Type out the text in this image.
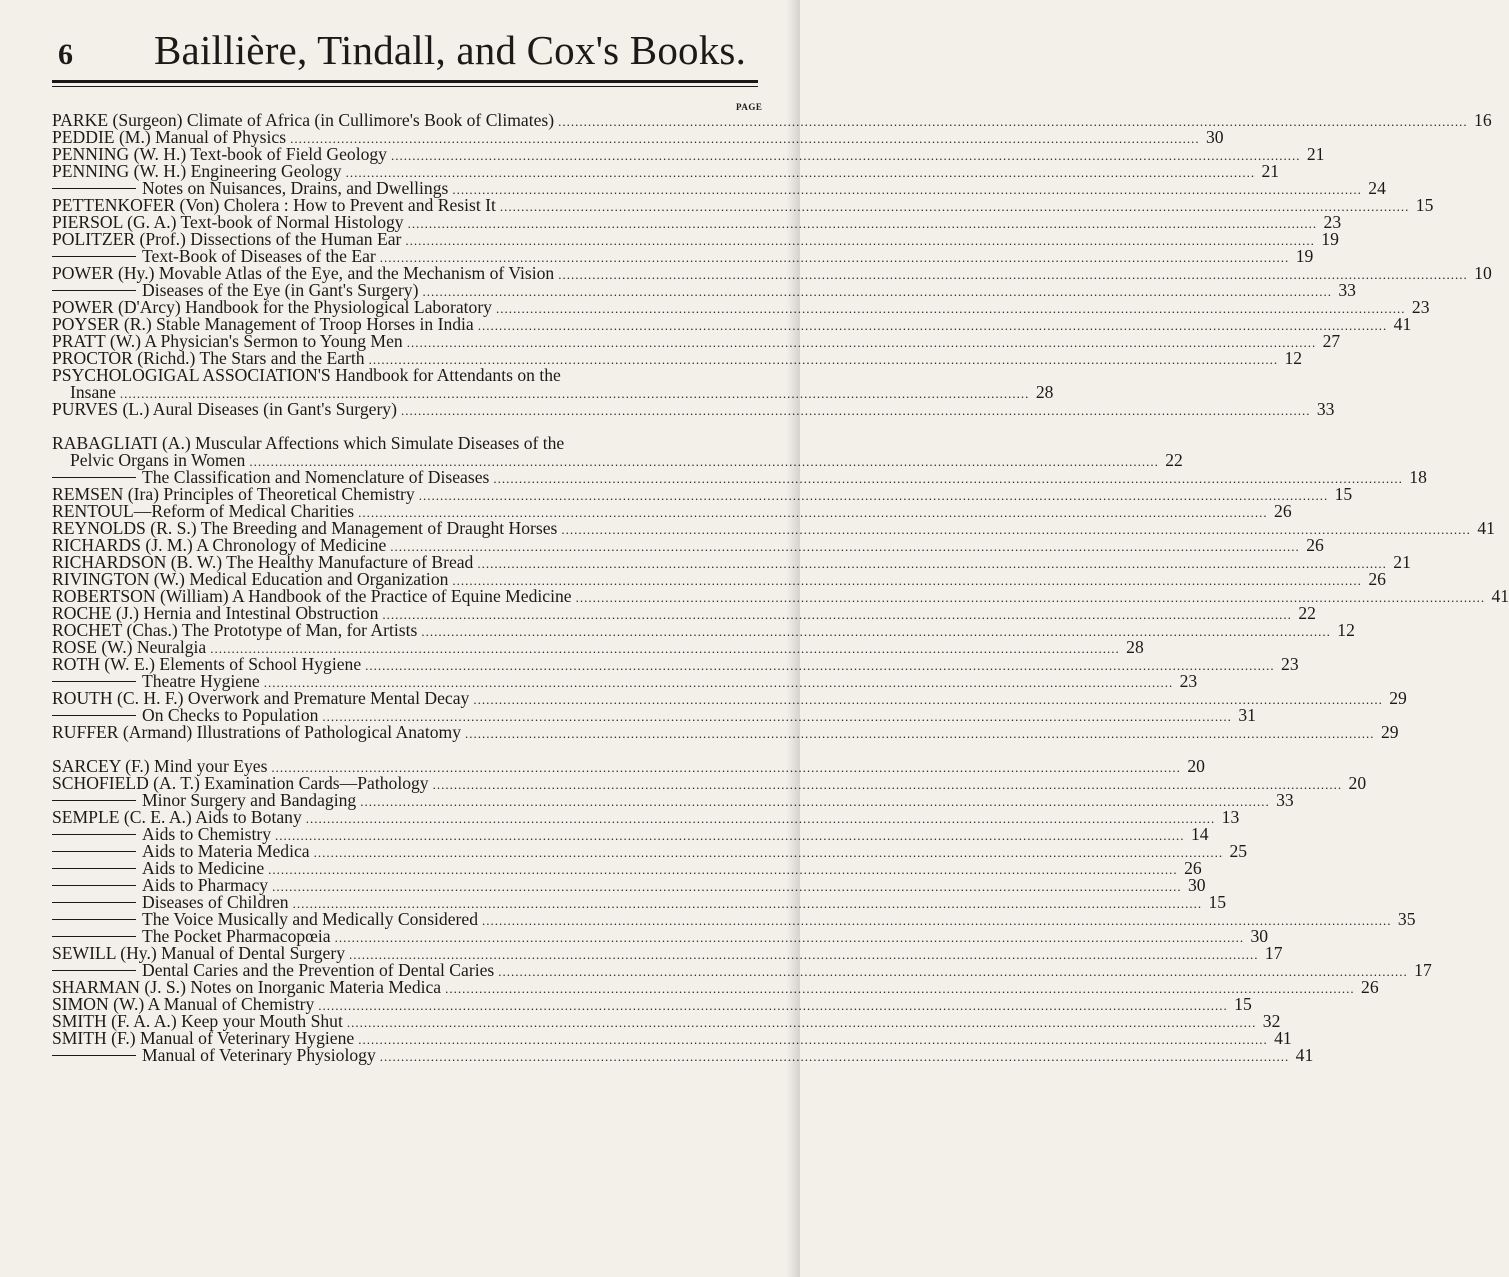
6	Baillière, Tindall, and Cox's Books.
PAGE
PARKE (Surgeon) Climate of Africa (in Cullimore's Book of Climates) .....	16
PEDDIE (M.) Manual of Physics .....	30
PENNING (W. H.) Text-book of Field Geology .....	21
PENNING (W. H.) Engineering Geology .....	21
Notes on Nuisances, Drains, and Dwellings .....	24
PETTENKOFER (Von) Cholera : How to Prevent and Resist It .....	15
PIERSOL (G. A.) Text-book of Normal Histology .....	23
POLITZER (Prof.) Dissections of the Human Ear .....	19
Text-Book of Diseases of the Ear .....	19
POWER (Hy.) Movable Atlas of the Eye, and the Mechanism of Vision .....	10
Diseases of the Eye (in Gant's Surgery) .....	33
POWER (D'Arcy) Handbook for the Physiological Laboratory .....	23
POYSER (R.) Stable Management of Troop Horses in India .....	41
PRATT (W.) A Physician's Sermon to Young Men .....	27
PROCTOR (Richd.) The Stars and the Earth .....	12
PSYCHOLOGIGAL ASSOCIATION'S Handbook for Attendants on the
Insane .....	28
PURVES (L.) Aural Diseases (in Gant's Surgery) .....	33
RABAGLIATI (A.) Muscular Affections which Simulate Diseases of the
Pelvic Organs in Women .....	22
The Classification and Nomenclature of Diseases .....	18
REMSEN (Ira) Principles of Theoretical Chemistry .....	15
RENTOUL—Reform of Medical Charities .....	26
REYNOLDS (R. S.) The Breeding and Management of Draught Horses .....	41
RICHARDS (J. M.) A Chronology of Medicine .....	26
RICHARDSON (B. W.) The Healthy Manufacture of Bread .....	21
RIVINGTON (W.) Medical Education and Organization .....	26
ROBERTSON (William) A Handbook of the Practice of Equine Medicine .....	41
ROCHE (J.) Hernia and Intestinal Obstruction .....	22
ROCHET (Chas.) The Prototype of Man, for Artists .....	12
ROSE (W.) Neuralgia .....	28
ROTH (W. E.) Elements of School Hygiene .....	23
Theatre Hygiene .....	23
ROUTH (C. H. F.) Overwork and Premature Mental Decay .....	29
On Checks to Population .....	31
RUFFER (Armand) Illustrations of Pathological Anatomy .....	29
SARCEY (F.) Mind your Eyes .....	20
SCHOFIELD (A. T.) Examination Cards—Pathology .....	20
Minor Surgery and Bandaging .....	33
SEMPLE (C. E. A.) Aids to Botany .....	13
Aids to Chemistry .....	14
Aids to Materia Medica .....	25
Aids to Medicine .....	26
Aids to Pharmacy .....	30
Diseases of Children .....	15
The Voice Musically and Medically Considered .....	35
The Pocket Pharmacopœia .....	30
SEWILL (Hy.) Manual of Dental Surgery .....	17
Dental Caries and the Prevention of Dental Caries .....	17
SHARMAN (J. S.) Notes on Inorganic Materia Medica .....	26
SIMON (W.) A Manual of Chemistry .....	15
SMITH (F. A. A.) Keep your Mouth Shut .....	32
SMITH (F.) Manual of Veterinary Hygiene .....	41
Manual of Veterinary Physiology .....	41
